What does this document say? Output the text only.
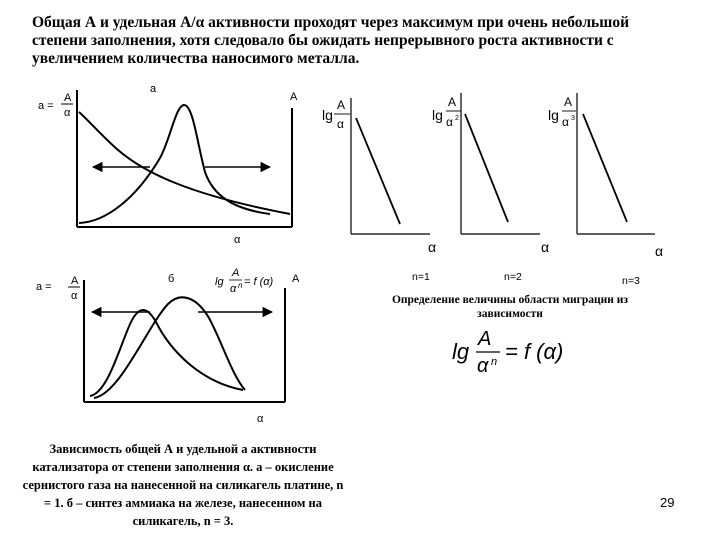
Общая А и удельная А/α активности проходят через максимум при очень небольшой степени заполнения, хотя следовало бы ожидать непрерывного роста активности с увеличением количества наносимого металла.
а
а =
А
α
А
α
б
а = А
α
lg
A
α n = f (α) А
α
lg
A
α
α
n=1
lg
A
α 2
α
n=2
lg
A
α 3
α
n=3
lg A
α n = f (α)
Определение величины области миграции из зависимости
Зависимость общей А и удельной а активности катализатора от степени заполнения α. а – окисление сернистого газа на нанесенной на силикагель платине, n = 1. б – синтез аммиака на железе, нанесенном на силикагель, n = 3.
29
